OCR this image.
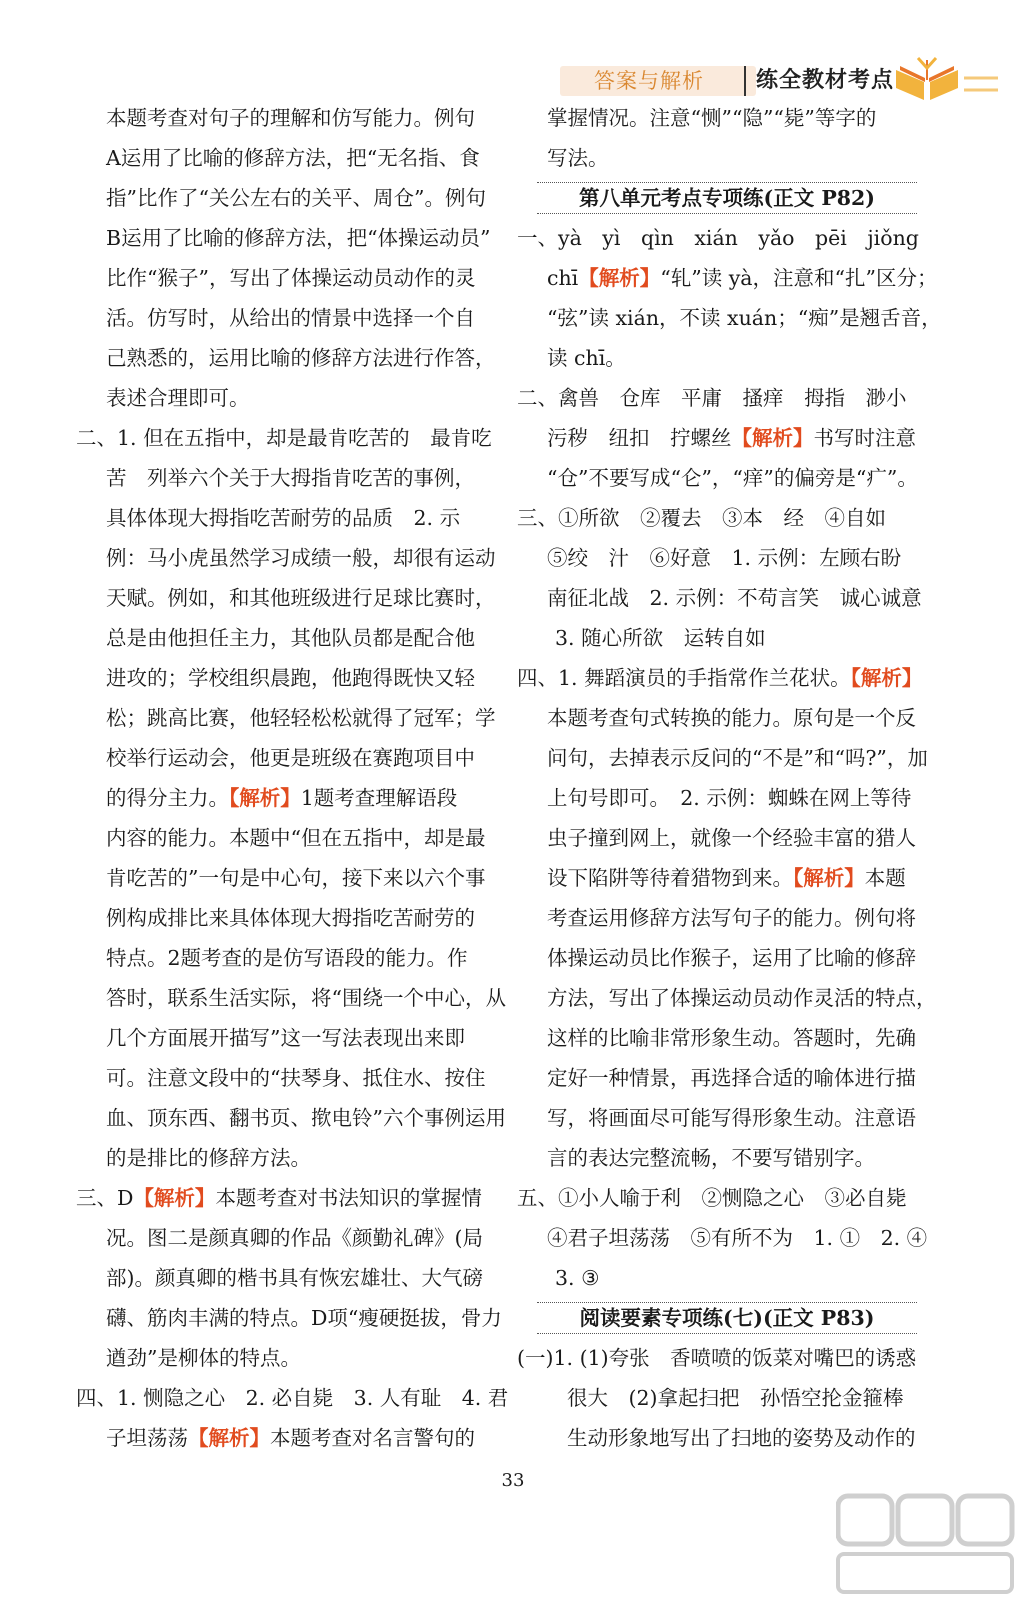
答案与解析 练全教材考点
本题考查对句子的理解和仿写能力。例句
A运用了比喻的修辞方法，把“无名指、食
指”比作了“关公左右的关平、周仓”。例句
B运用了比喻的修辞方法，把“体操运动员”
比作“猴子”，写出了体操运动员动作的灵
活。仿写时，从给出的情景中选择一个自
己熟悉的，运用比喻的修辞方法进行作答，
表述合理即可。
二、1. 但在五指中，却是最肯吃苦的　最肯吃
苦　列举六个关于大拇指肯吃苦的事例，
具体体现大拇指吃苦耐劳的品质　2. 示
例：马小虎虽然学习成绩一般，却很有运动
天赋。例如，和其他班级进行足球比赛时，
总是由他担任主力，其他队员都是配合他
进攻的；学校组织晨跑，他跑得既快又轻
松；跳高比赛，他轻轻松松就得了冠军；学
校举行运动会，他更是班级在赛跑项目中
的得分主力。【解析】1题考查理解语段
内容的能力。本题中“但在五指中，却是最
肯吃苦的”一句是中心句，接下来以六个事
例构成排比来具体体现大拇指吃苦耐劳的
特点。2题考查的是仿写语段的能力。作
答时，联系生活实际，将“围绕一个中心，从
几个方面展开描写”这一写法表现出来即
可。注意文段中的“扶琴身、抵住水、按住
血、顶东西、翻书页、揿电铃”六个事例运用
的是排比的修辞方法。
三、D【解析】本题考查对书法知识的掌握情
况。图二是颜真卿的作品《颜勤礼碑》(局
部)。颜真卿的楷书具有恢宏雄壮、大气磅
礴、筋肉丰满的特点。D项“瘦硬挺拔，骨力
遒劲”是柳体的特点。
四、1. 恻隐之心　2. 必自毙　3. 人有耻　4. 君
子坦荡荡【解析】本题考查对名言警句的
掌握情况。注意“恻”“隐”“毙”等字的
写法。
第八单元考点专项练(正文 P82)
一、yà　yì　qìn　xián　yǎo　pēi　jiǒng
chī【解析】“轧”读 yà，注意和“扎”区分；
“弦”读 xián，不读 xuán；“痴”是翘舌音，
读 chī。
二、禽兽　仓库　平庸　搔痒　拇指　渺小
污秽　纽扣　拧螺丝【解析】书写时注意
“仓”不要写成“仑”，“痒”的偏旁是“疒”。
三、①所欲　②覆去　③本　经　④自如
⑤绞　汁　⑥好意　1. 示例：左顾右盼
南征北战　2. 示例：不苟言笑　诚心诚意
3. 随心所欲　运转自如
四、1. 舞蹈演员的手指常作兰花状。【解析】
本题考查句式转换的能力。原句是一个反
问句，去掉表示反问的“不是”和“吗?”，加
上句号即可。　2. 示例：蜘蛛在网上等待
虫子撞到网上，就像一个经验丰富的猎人
设下陷阱等待着猎物到来。【解析】本题
考查运用修辞方法写句子的能力。例句将
体操运动员比作猴子，运用了比喻的修辞
方法，写出了体操运动员动作灵活的特点，
这样的比喻非常形象生动。答题时，先确
定好一种情景，再选择合适的喻体进行描
写，将画面尽可能写得形象生动。注意语
言的表达完整流畅，不要写错别字。
五、①小人喻于利　②恻隐之心　③必自毙
④君子坦荡荡　⑤有所不为　1. ①　2. ④
3. ③
阅读要素专项练(七)(正文 P83)
(一)1. (1)夸张　香喷喷的饭菜对嘴巴的诱惑
很大　(2)拿起扫把　孙悟空抡金箍棒
生动形象地写出了扫地的姿势及动作的
33
